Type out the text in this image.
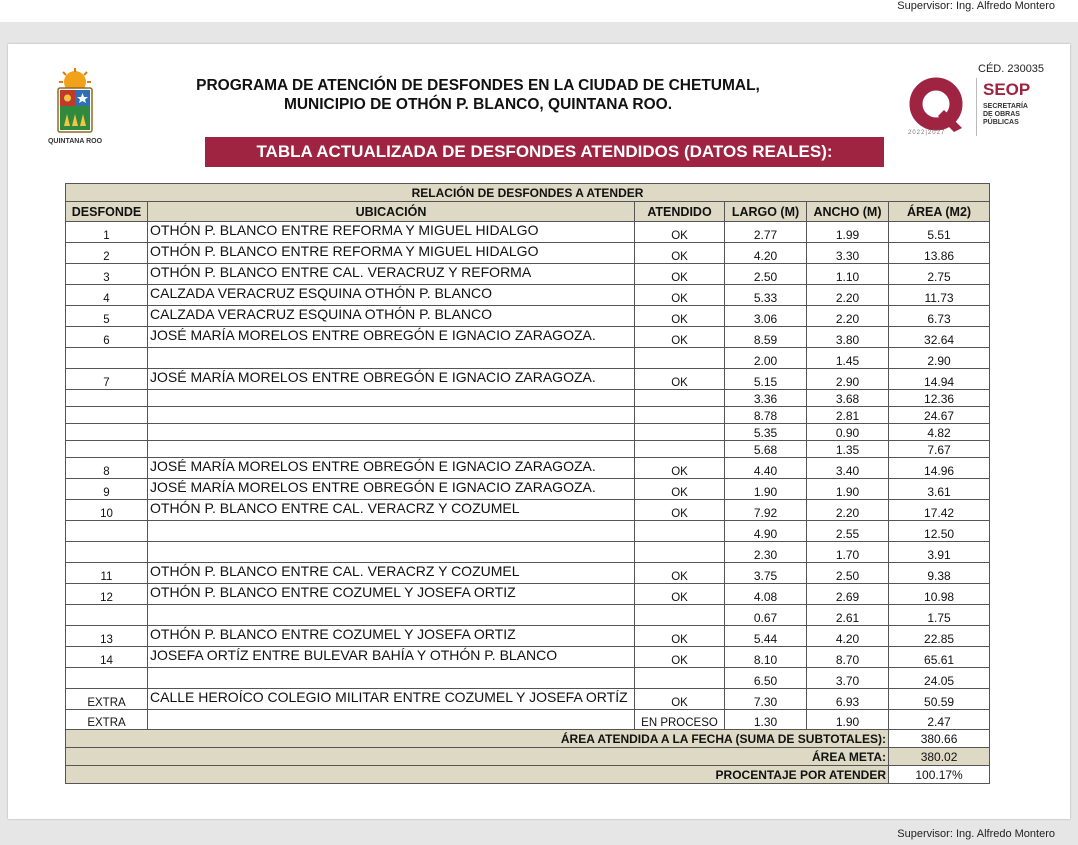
Supervisor: Ing. Alfredo Montero
QUINTANA ROO
PROGRAMA DE ATENCIÓN DE DESFONDES EN LA CIUDAD DE CHETUMAL,
MUNICIPIO DE OTHÓN P. BLANCO, QUINTANA ROO.
CÉD. 230035
2022|2027
SEOP
SECRETARÍA
DE OBRAS
PÚBLICAS
TABLA ACTUALIZADA DE DESFONDES ATENDIDOS (DATOS REALES):
RELACIÓN DE DESFONDES A ATENDER					
DESFONDE	UBICACIÓN	ATENDIDO	LARGO (M)	ANCHO (M)	ÁREA (M2)
1	OTHÓN P. BLANCO ENTRE REFORMA Y MIGUEL HIDALGO	OK	2.77	1.99	5.51
2	OTHÓN P. BLANCO ENTRE REFORMA Y MIGUEL HIDALGO	OK	4.20	3.30	13.86
3	OTHÓN P. BLANCO ENTRE CAL. VERACRUZ Y REFORMA	OK	2.50	1.10	2.75
4	CALZADA VERACRUZ ESQUINA OTHÓN P. BLANCO	OK	5.33	2.20	11.73
5	CALZADA VERACRUZ ESQUINA OTHÓN P. BLANCO	OK	3.06	2.20	6.73
6	JOSÉ MARÍA MORELOS ENTRE OBREGÓN E IGNACIO ZARAGOZA.	OK	8.59	3.80	32.64
			2.00	1.45	2.90
7	JOSÉ MARÍA MORELOS ENTRE OBREGÓN E IGNACIO ZARAGOZA.	OK	5.15	2.90	14.94
			3.36	3.68	12.36
			8.78	2.81	24.67
			5.35	0.90	4.82
			5.68	1.35	7.67
8	JOSÉ MARÍA MORELOS ENTRE OBREGÓN E IGNACIO ZARAGOZA.	OK	4.40	3.40	14.96
9	JOSÉ MARÍA MORELOS ENTRE OBREGÓN E IGNACIO ZARAGOZA.	OK	1.90	1.90	3.61
10	OTHÓN P. BLANCO ENTRE CAL. VERACRZ Y COZUMEL	OK	7.92	2.20	17.42
			4.90	2.55	12.50
			2.30	1.70	3.91
11	OTHÓN P. BLANCO ENTRE CAL. VERACRZ Y COZUMEL	OK	3.75	2.50	9.38
12	OTHÓN P. BLANCO ENTRE COZUMEL Y JOSEFA ORTIZ	OK	4.08	2.69	10.98
			0.67	2.61	1.75
13	OTHÓN P. BLANCO ENTRE COZUMEL Y JOSEFA ORTIZ	OK	5.44	4.20	22.85
14	JOSEFA ORTÍZ ENTRE BULEVAR BAHÍA Y OTHÓN P. BLANCO	OK	8.10	8.70	65.61
			6.50	3.70	24.05
EXTRA	CALLE HEROÍCO COLEGIO MILITAR ENTRE COZUMEL Y JOSEFA ORTÍZ	OK	7.30	6.93	50.59
EXTRA		EN PROCESO	1.30	1.90	2.47
ÁREA ATENDIDA A LA FECHA (SUMA DE SUBTOTALES):					380.66
ÁREA META:					380.02
PROCENTAJE POR ATENDER					100.17%
Supervisor: Ing. Alfredo Montero
